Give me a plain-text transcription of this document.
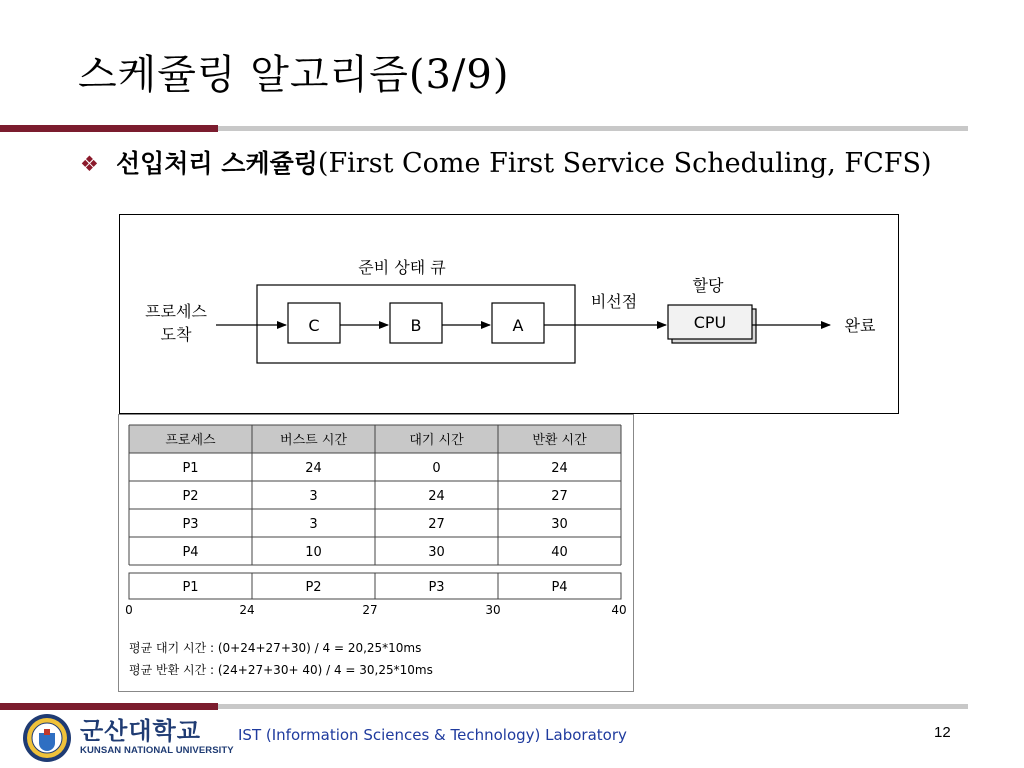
스케쥴링 알고리즘(3/9)
❖ 선입처리 스케쥴링(First Come First Service Scheduling, FCFS)
준비 상태 큐
프로세스
도착	C	B	A
비선점
할당
CPU	완료
프로세스	버스트 시간	대기 시간	반환 시간
P1	24	0	24
P2	3	24	27
P3	3	27	30
P4	10	30	40
P1	P2	P3	P4
0	24	27	30	40
평균 대기 시간 : (0+24+27+30) / 4 = 20,25*10ms
평균 반환 시간 : (24+27+30+ 40) / 4 = 30,25*10ms
군산대학교
KUNSAN NATIONAL UNIVERSITY
IST (Information Sciences & Technology) Laboratory	12
